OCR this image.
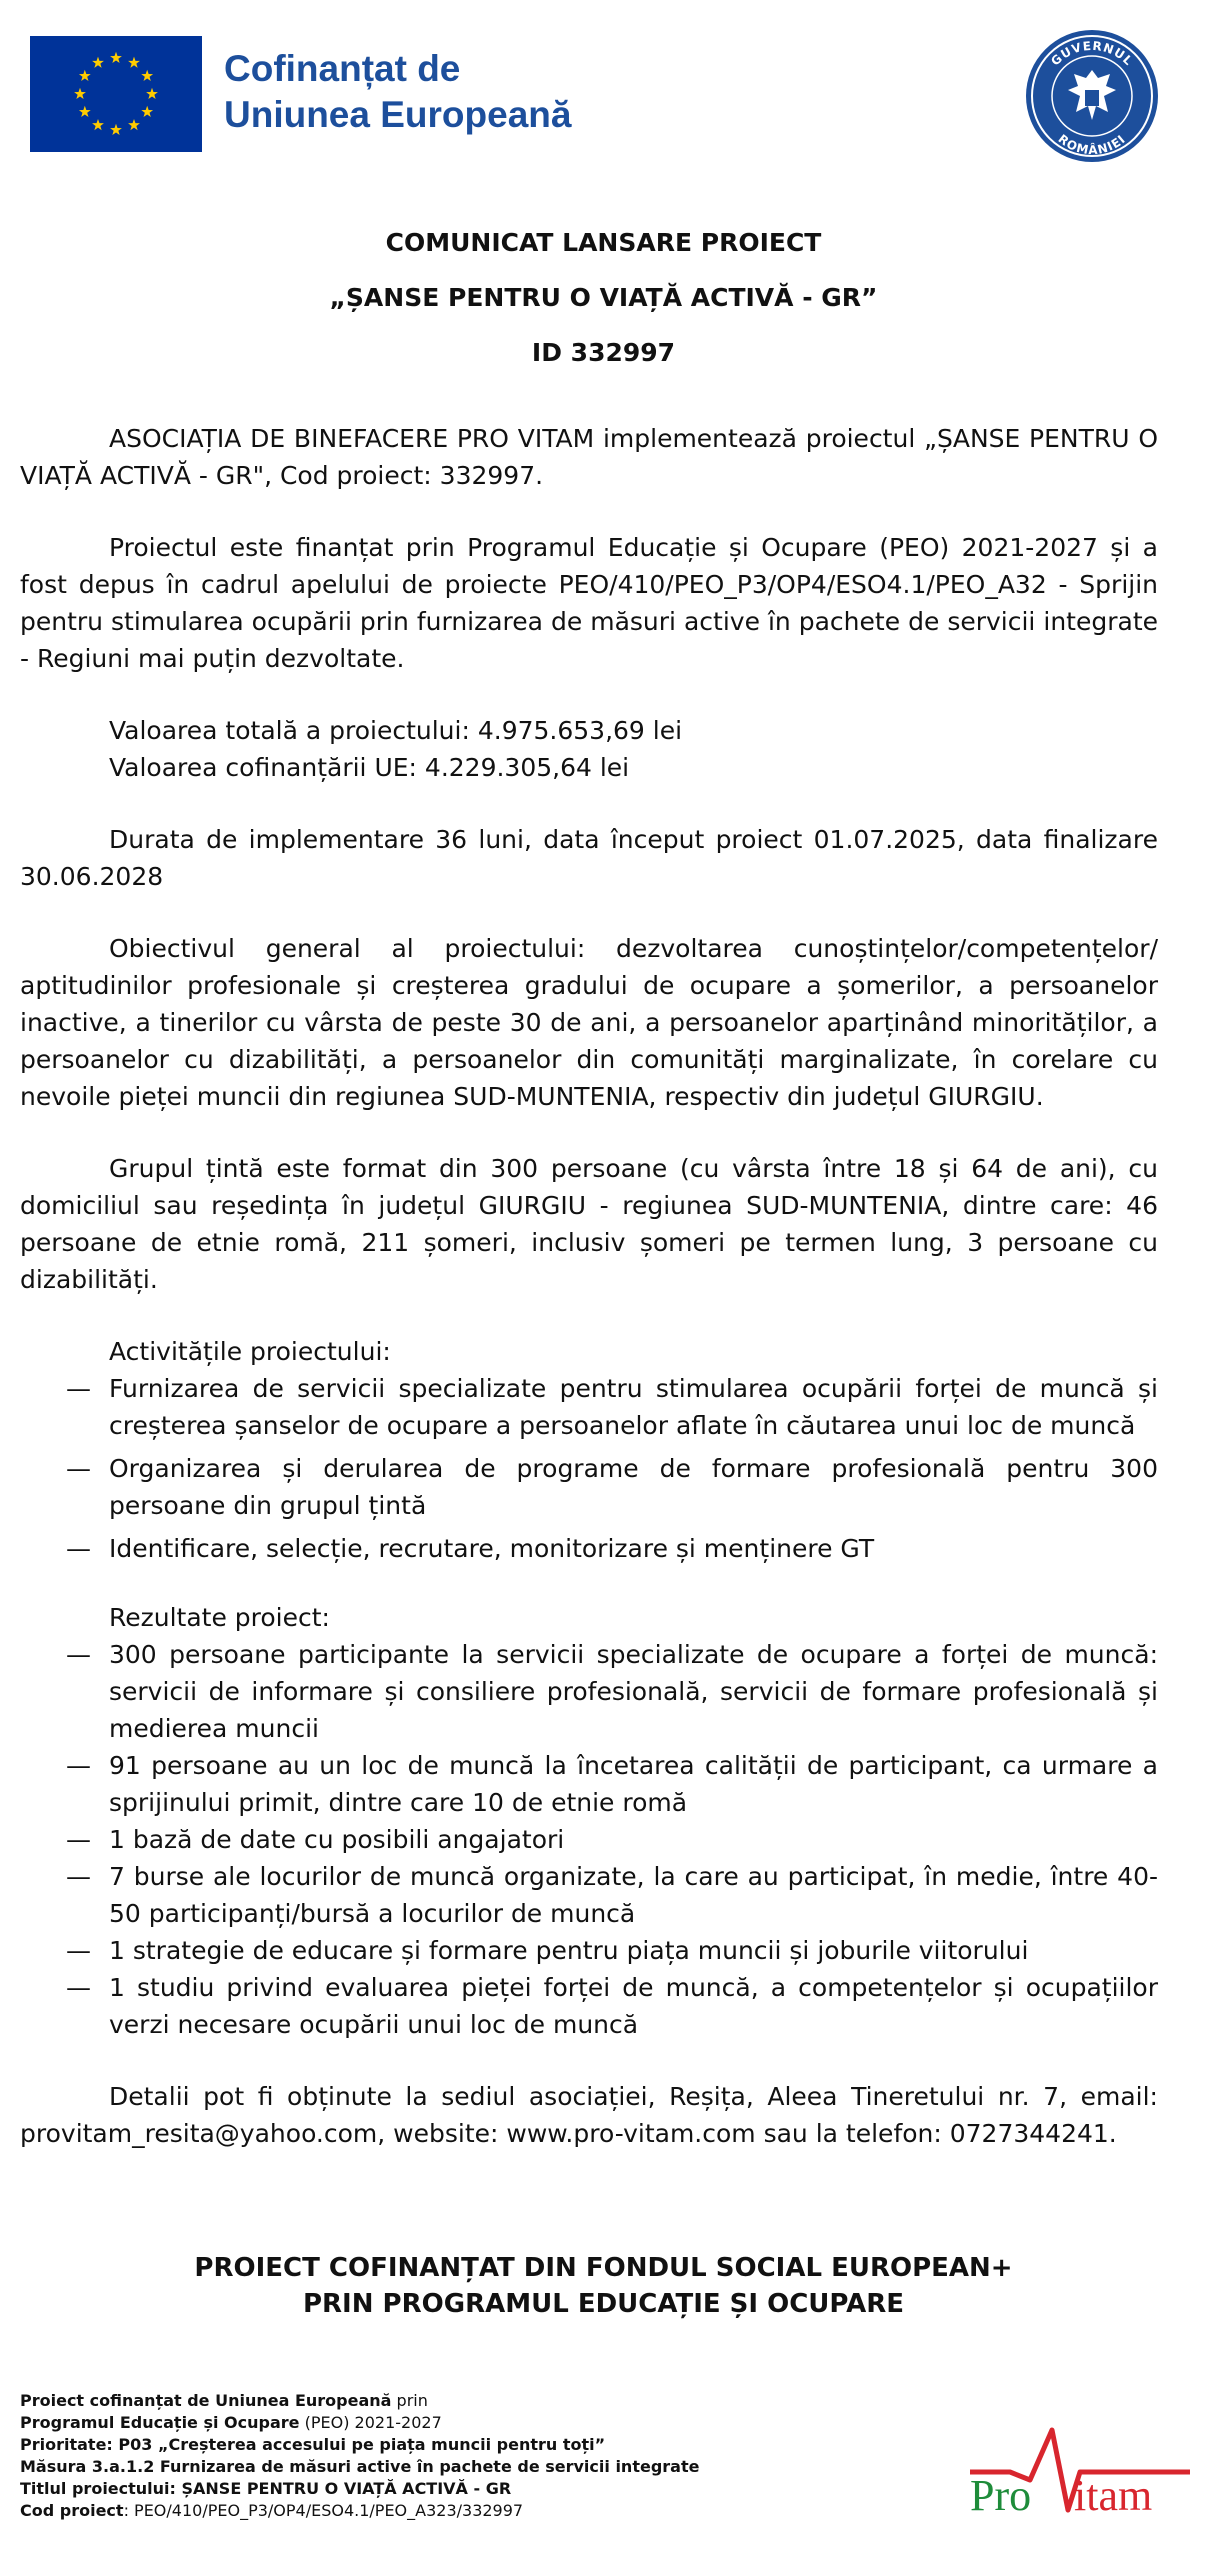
Cofinanțat de
Uniunea Europeană
GUVERNUL
ROMÂNIEI
COMUNICAT LANSARE PROIECT
„ȘANSE PENTRU O VIAȚĂ ACTIVĂ - GR”
ID 332997

ASOCIAȚIA DE BINEFACERE PRO VITAM implementează proiectul „ȘANSE PENTRU O VIAȚĂ ACTIVĂ - GR", Cod proiect: 332997.

Proiectul este finanțat prin Programul Educație și Ocupare (PEO) 2021-2027 și a fost depus în cadrul apelului de proiecte PEO/410/PEO_P3/OP4/ESO4.1/PEO_A32 - Sprijin pentru stimularea ocupării prin furnizarea de măsuri active în pachete de servicii integrate - Regiuni mai puțin dezvoltate.

Valoarea totală a proiectului: 4.975.653,69 lei

Valoarea cofinanțării UE: 4.229.305,64 lei

Durata de implementare 36 luni, data început proiect 01.07.2025, data finalizare 30.06.2028

Obiectivul general al proiectului: dezvoltarea cunoștințelor/competențelor/ aptitudinilor profesionale și creșterea gradului de ocupare a șomerilor, a persoanelor inactive, a tinerilor cu vârsta de peste 30 de ani, a persoanelor aparținând minorităților, a persoanelor cu dizabilități, a persoanelor din comunități marginalizate, în corelare cu nevoile pieței muncii din regiunea SUD-MUNTENIA, respectiv din județul GIURGIU.

Grupul țintă este format din 300 persoane (cu vârsta între 18 și 64 de ani), cu domiciliul sau reședința în județul GIURGIU - regiunea SUD-MUNTENIA, dintre care: 46 persoane de etnie romă, 211 șomeri, inclusiv șomeri pe termen lung, 3 persoane cu dizabilități.

Activitățile proiectului:

— Furnizarea de servicii specializate pentru stimularea ocupării forței de muncă și creșterea șanselor de ocupare a persoanelor aflate în căutarea unui loc de muncă
— Organizarea și derularea de programe de formare profesională pentru 300 persoane din grupul țintă
— Identificare, selecție, recrutare, monitorizare și menținere GT

Rezultate proiect:

— 300 persoane participante la servicii specializate de ocupare a forței de muncă: servicii de informare și consiliere profesională, servicii de formare profesională și medierea muncii
— 91 persoane au un loc de muncă la încetarea calității de participant, ca urmare a sprijinului primit, dintre care 10 de etnie romă
— 1 bază de date cu posibili angajatori
— 7 burse ale locurilor de muncă organizate, la care au participat, în medie, între 40-50 participanți/bursă a locurilor de muncă
— 1 strategie de educare și formare pentru piața muncii și joburile viitorului
— 1 studiu privind evaluarea pieței forței de muncă, a competențelor și ocupațiilor verzi necesare ocupării unui loc de muncă

Detalii pot fi obținute la sediul asociației, Reșița, Aleea Tineretului nr. 7, email: provitam_resita@yahoo.com, website: www.pro-vitam.com sau la telefon: 0727344241.

PROIECT COFINANȚAT DIN FONDUL SOCIAL EUROPEAN+
PRIN PROGRAMUL EDUCAȚIE ȘI OCUPARE
Proiect cofinanțat de Uniunea Europeană prin
Programul Educație și Ocupare (PEO) 2021-2027
Prioritate: P03 „Creșterea accesului pe piața muncii pentru toți”
Măsura 3.a.1.2 Furnizarea de măsuri active în pachete de servicii integrate
Titlul proiectului: ȘANSE PENTRU O VIAȚĂ ACTIVĂ - GR
Cod proiect: PEO/410/PEO_P3/OP4/ESO4.1/PEO_A323/332997	Pro itam
